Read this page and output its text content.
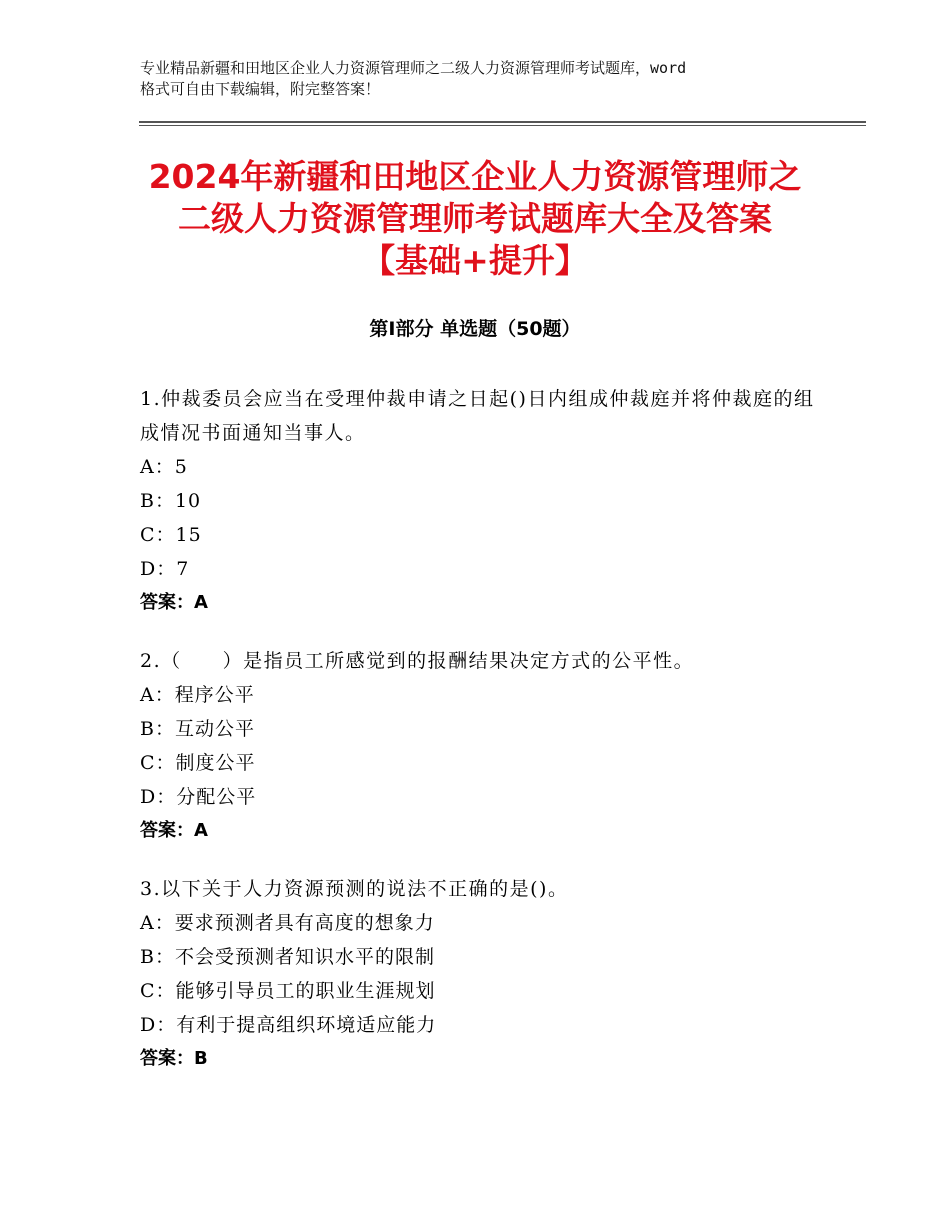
专业精品新疆和田地区企业人力资源管理师之二级人力资源管理师考试题库，word
格式可自由下载编辑，附完整答案！
2024年新疆和田地区企业人力资源管理师之
二级人力资源管理师考试题库大全及答案
【基础+提升】
第Ⅰ部分 单选题（50题）
1.仲裁委员会应当在受理仲裁申请之日起()日内组成仲裁庭并将仲裁庭的组成情况书面通知当事人。
A：5
B：10
C：15
D：7
答案：A
2.（　　）是指员工所感觉到的报酬结果决定方式的公平性。
A：程序公平
B：互动公平
C：制度公平
D：分配公平
答案：A
3.以下关于人力资源预测的说法不正确的是()。
A：要求预测者具有高度的想象力
B：不会受预测者知识水平的限制
C：能够引导员工的职业生涯规划
D：有利于提高组织环境适应能力
答案：B
